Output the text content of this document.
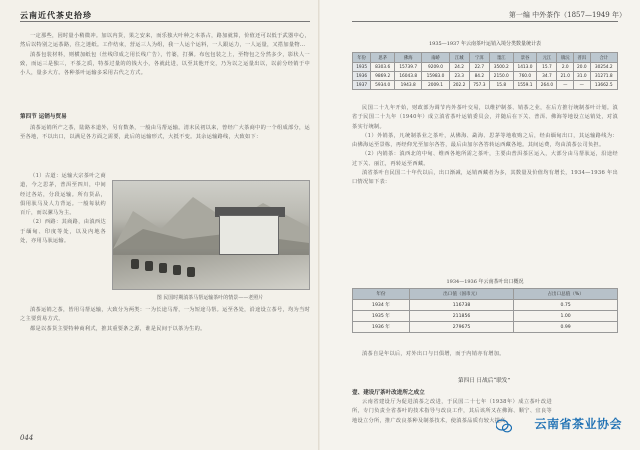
云南近代茶史拾珍

一定那些，因时量小稍微冲。加以内货，果之安来，而乐独大叶种之本茶占，路加就算，价值还可以低于武器中心，然后以特别之运茶路，往之迷纸。工作结束，营运三人为组，我一人运个运料，一人跟运力，一人运量，又搭加量物…

滇茶包装材料，则横加纸包（丝线印成之用长线广告），竹篓，打捆。布包包装之上，至物包之分然多少，影状人一致，而运三是独三，不茶之质，特茶过量的的钱大小，各就此进，以至其他开交，乃为以之运量出以，以前分经销于中小人，量多大方。各种茶叶运输多采用古代之方式。

第四节 运销与贸易

滇茶运销所产之茶，陆路本道外，另有数条，一般由马帮运输。清末民初以来，曾经广大茶商中的一个组成部分，运至各地，不以出口，以满足各方面之需要，此后的运输形式，大抵不变。其余运输路线，大致如下：

（1）古道：运输大宗茶叶之商道，今之思茅，普洱至四川，中间经过各站，分段运输。所有货品，俱用驮马及人力背运。一般每驮约百斤，而以骡马为主。

（2）西路：其商路，由滇西达于缅甸、印度等处，以及内地各处，亦用马驮运输。

图 民国时期滇茶马帮运输茶叶的情景——老照片

滇茶运销之茶，皆用马帮运输，大致分为两类：一为长途马帮，一为短途马帮。运至各处，沿途设立茶号，均为当时之主要贸易方式。

都是以茶货主要特种商利式，推其重要条之源，谁是民间于以茶为生的。

044
第一编 中外茶作（1857—1949 年）
1935—1937 年云南茶叶运销入境分类数量统计表
年份	思茅	佛海	南峤	江城	宁洱	墨江	景谷	元江	镇沅	普洱	合计
1935	8303.6	15739.7	9209.0	24.2	22.7	3500.2	1413.0	15.7	2.0	20.0	30254.2
1936	9869.2	16043.8	15983.0	23.3	84.2	2150.0	760.0	34.7	21.0	31.0	31271.8
1937	5934.0	1943.8	2009.1	202.2	757.3	15.8	1559.1	264.0	—	—	13662.5

民国二十九年开始，财政部为调节内外茶叶交易，以维护制茶、销茶之业，在后方推行统制茶叶计划。滇省于民国二十九年（1940年）成立滇省茶叶运销委员会，并随后在下关、普洱、佛海等地设立运销处，对滇茶实行统制。

（1）外销茶，凡统制茶业之茶叶，从佛海、勐海、思茅等地收购之后，经由缅甸出口，其运输路线为：由佛海运至景栋，再经仰光至加尔各答，最后由加尔各答转运西藏各地。其间运费，均由滇茶公司负担。

（2）内销茶：滇西北的中甸、维西各地所需之茶叶，主要由普洱茶区运入，大部分由马帮驮运，沿途经过下关、丽江，再转运至西藏。

滇省茶叶自民国二十年代以后，出口渐减，运销西藏者为多，其数量及价值均有增长，1934—1936 年出口情况如下表：

1934—1936 年云南茶叶出口概况
年份	出口值（国币元）	占出口总值（%）
1934 年	116738	0.75
1935 年	211856	1.00
1936 年	279675	0.99

滇茶自是年以后，对外出口与日俱增，而于内销亦有增加。

第四日 日战后“联发”
壹、建设厅茶叶改进所之成立

云南省建设厅为促进滇茶之改进，于民国二十七年（1938年）成立茶叶改进所，专门负责全省茶叶的技术指导与改良工作，其后该所又在佛海、顺宁、宜良等地设立分所，推广改良茶种及制茶技术，使滇茶品质有较大提高。	云南省茶业协会
